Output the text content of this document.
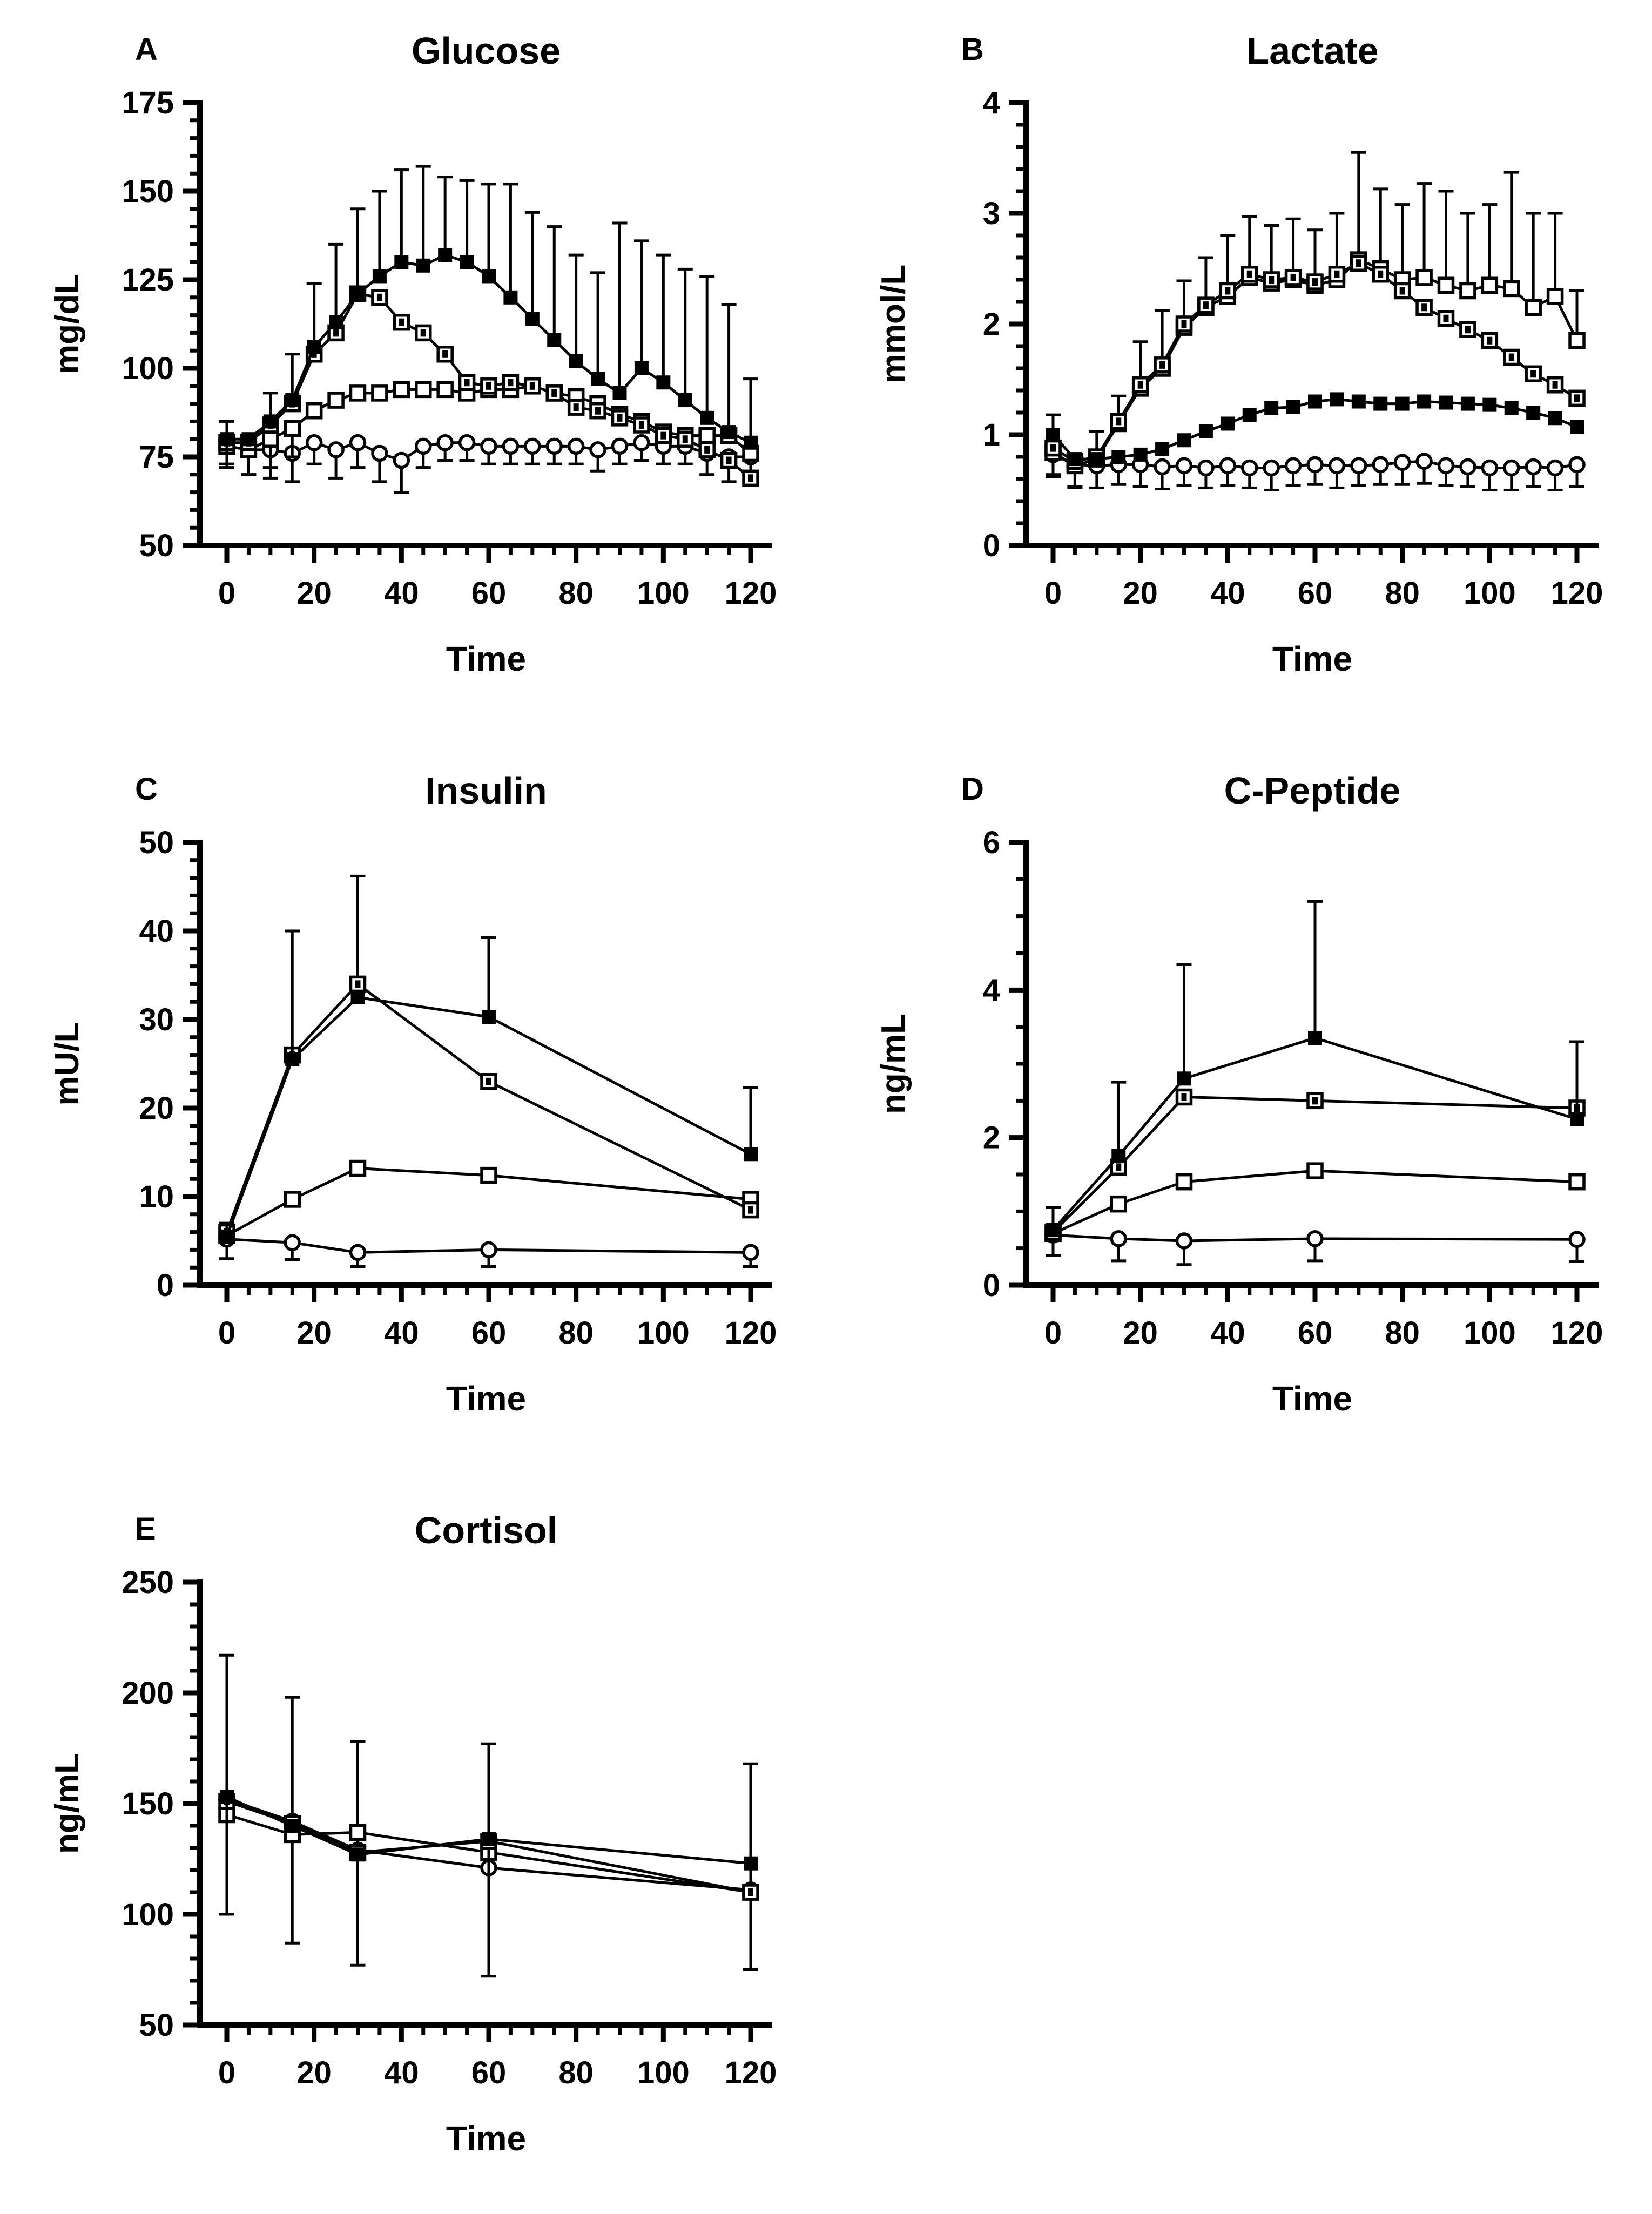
A
50
75
100
125
150
175
0 20 40 60 80 100 120
Glucose
Time
mg/dL
B
0
1
2
3
4
0 20 40 60 80 100 120
Lactate
Time
mmol/L
C
0
10
20
30
40
50
0 20 40 60 80 100 120
Insulin
Time
mU/L
D
0
2
4
6
0 20 40 60 80 100 120
C-Peptide
Time
ng/mL
E
50
100
150
200
250
0 20 40 60 80 100 120
Cortisol
Time
ng/mL
